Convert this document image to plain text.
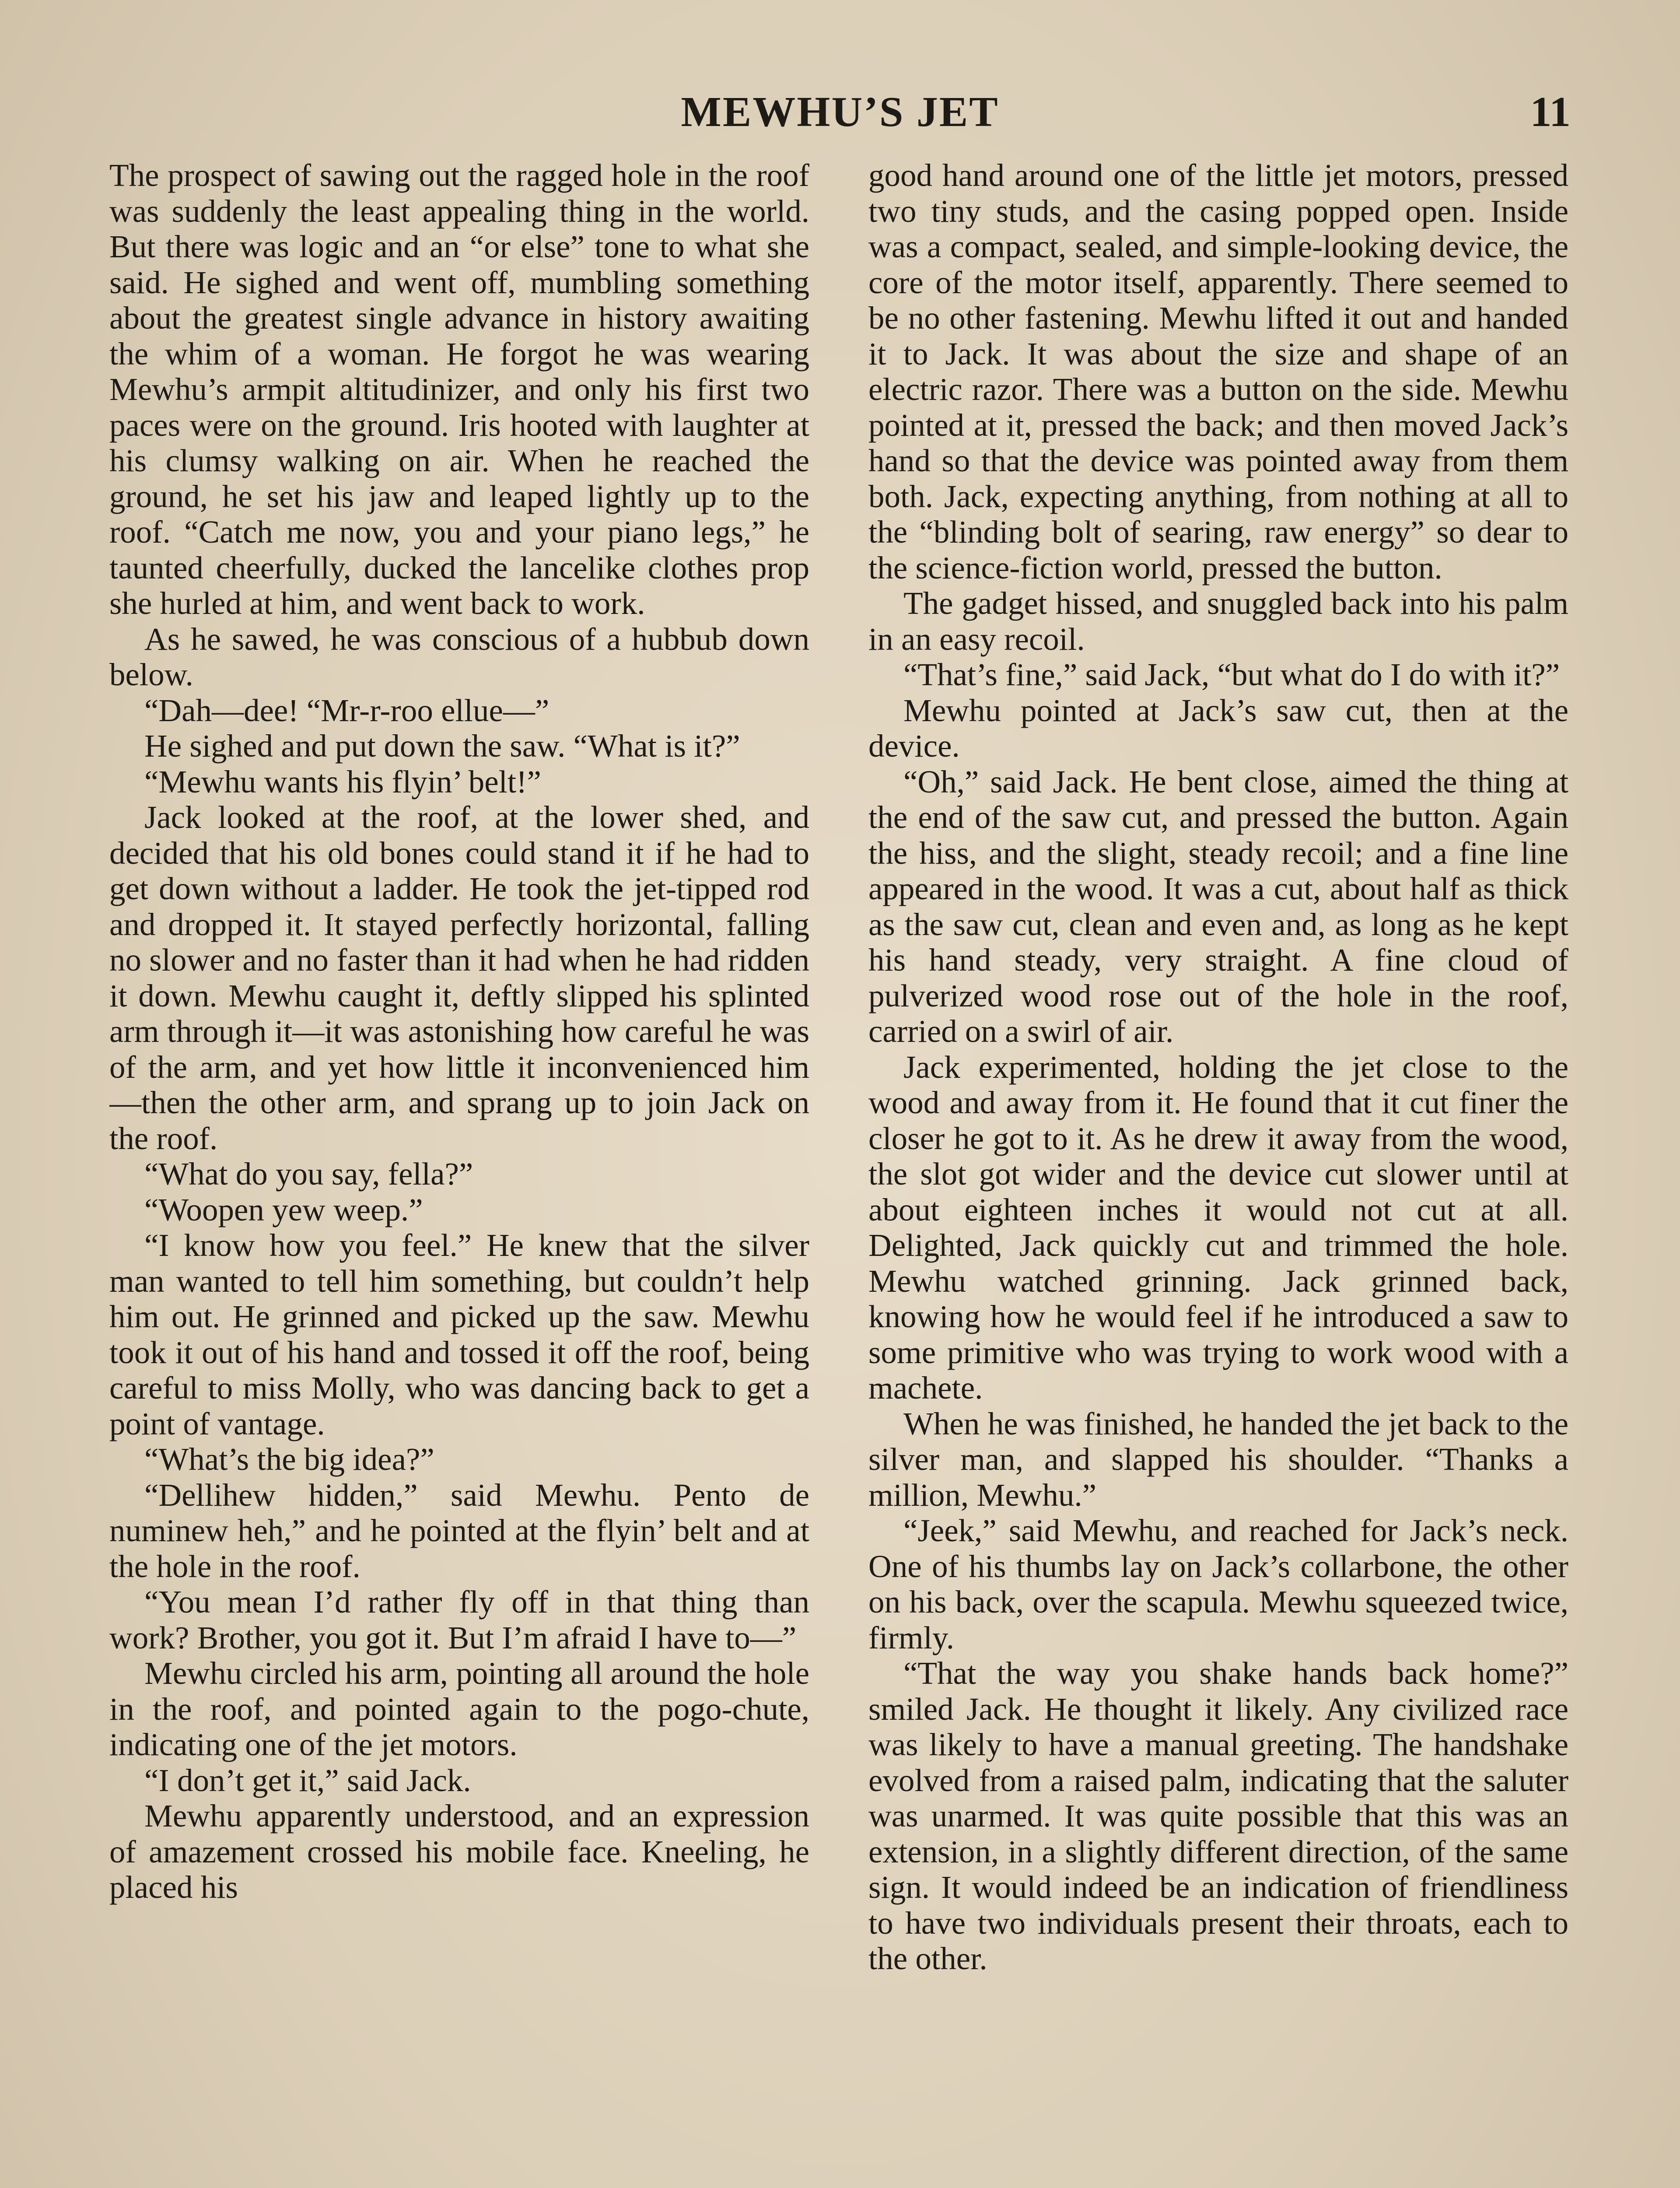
MEWHU’S JET	11

The prospect of sawing out the ragged hole in the roof was suddenly the least appealing thing in the world. But there was logic and an “or else” tone to what she said. He sighed and went off, mumbling something about the greatest single advance in history awaiting the whim of a woman. He forgot he was wearing Mewhu’s armpit altitudinizer, and only his first two paces were on the ground. Iris hooted with laughter at his clumsy walking on air. When he reached the ground, he set his jaw and leaped lightly up to the roof. “Catch me now, you and your piano legs,” he taunted cheerfully, ducked the lancelike clothes prop she hurled at him, and went back to work.

As he sawed, he was conscious of a hubbub down below.

“Dah—dee! “Mr-r-roo ellue—”

He sighed and put down the saw. “What is it?”

“Mewhu wants his flyin’ belt!”

Jack looked at the roof, at the lower shed, and decided that his old bones could stand it if he had to get down without a ladder. He took the jet-tipped rod and dropped it. It stayed perfectly horizontal, falling no slower and no faster than it had when he had ridden it down. Mewhu caught it, deftly slipped his splinted arm through it—it was astonishing how careful he was of the arm, and yet how little it inconvenienced him —then the other arm, and sprang up to join Jack on the roof.

“What do you say, fella?”

“Woopen yew weep.”

“I know how you feel.” He knew that the silver man wanted to tell him something, but couldn’t help him out. He grinned and picked up the saw. Mewhu took it out of his hand and tossed it off the roof, being careful to miss Molly, who was dancing back to get a point of vantage.

“What’s the big idea?”

“Dellihew hidden,” said Mewhu. Pento de numinew heh,” and he pointed at the flyin’ belt and at the hole in the roof.

“You mean I’d rather fly off in that thing than work? Brother, you got it. But I’m afraid I have to—”

Mewhu circled his arm, pointing all around the hole in the roof, and pointed again to the pogo-chute, indicating one of the jet motors.

“I don’t get it,” said Jack.

Mewhu apparently understood, and an expression of amazement crossed his mobile face. Kneeling, he placed his

good hand around one of the little jet motors, pressed two tiny studs, and the casing popped open. Inside was a compact, sealed, and simple-looking device, the core of the motor itself, apparently. There seemed to be no other fastening. Mewhu lifted it out and handed it to Jack. It was about the size and shape of an electric razor. There was a button on the side. Mewhu pointed at it, pressed the back; and then moved Jack’s hand so that the device was pointed away from them both. Jack, expecting anything, from nothing at all to the “blinding bolt of searing, raw energy” so dear to the science-fiction world, pressed the button.

The gadget hissed, and snuggled back into his palm in an easy recoil.

“That’s fine,” said Jack, “but what do I do with it?”

Mewhu pointed at Jack’s saw cut, then at the device.

“Oh,” said Jack. He bent close, aimed the thing at the end of the saw cut, and pressed the button. Again the hiss, and the slight, steady recoil; and a fine line appeared in the wood. It was a cut, about half as thick as the saw cut, clean and even and, as long as he kept his hand steady, very straight. A fine cloud of pulverized wood rose out of the hole in the roof, carried on a swirl of air.

Jack experimented, holding the jet close to the wood and away from it. He found that it cut finer the closer he got to it. As he drew it away from the wood, the slot got wider and the device cut slower until at about eighteen inches it would not cut at all. Delighted, Jack quickly cut and trimmed the hole. Mewhu watched grinning. Jack grinned back, knowing how he would feel if he introduced a saw to some primitive who was trying to work wood with a machete.

When he was finished, he handed the jet back to the silver man, and slapped his shoulder. “Thanks a million, Mewhu.”

“Jeek,” said Mewhu, and reached for Jack’s neck. One of his thumbs lay on Jack’s collarbone, the other on his back, over the scapula. Mewhu squeezed twice, firmly.

“That the way you shake hands back home?” smiled Jack. He thought it likely. Any civilized race was likely to have a manual greeting. The handshake evolved from a raised palm, indicating that the saluter was unarmed. It was quite possible that this was an extension, in a slightly different direction, of the same sign. It would indeed be an indication of friendliness to have two individuals present their throats, each to the other.
